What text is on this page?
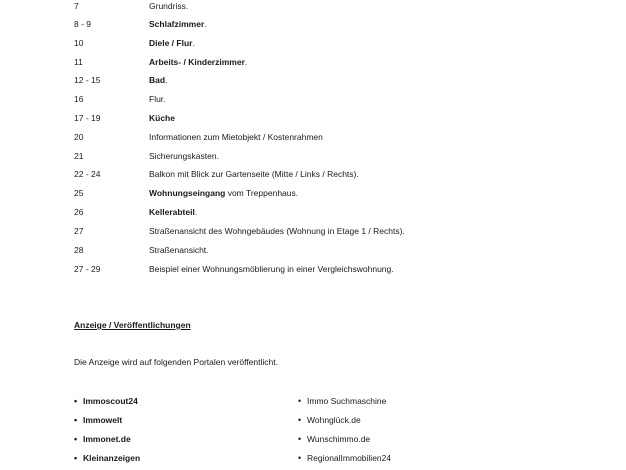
7	Grundriss.
8 - 9	Schlafzimmer.
10	Diele / Flur.
11	Arbeits- / Kinderzimmer.
12 - 15	Bad.
16	Flur.
17 - 19	Küche
20	Informationen zum Mietobjekt / Kostenrahmen
21	Sicherungskasten.
22 - 24	Balkon mit Blick zur Gartenseite (Mitte / Links / Rechts).
25	Wohnungseingang vom Treppenhaus.
26	Kellerabteil.
27	Straßenansicht des Wohngebäudes (Wohnung in Etage 1 / Rechts).
28	Straßenansicht.
27 - 29	Beispiel einer Wohnungsmöblierung in einer Vergleichswohnung.
Anzeige / Veröffentlichungen
Die Anzeige wird auf folgenden Portalen veröffentlicht.
• Immoscout24
• Immowelt
• Immonet.de
• Kleinanzeigen
• Immo Suchmaschine
• Wohnglück.de
• Wunschimmo.de
• RegionalImmobilien24
